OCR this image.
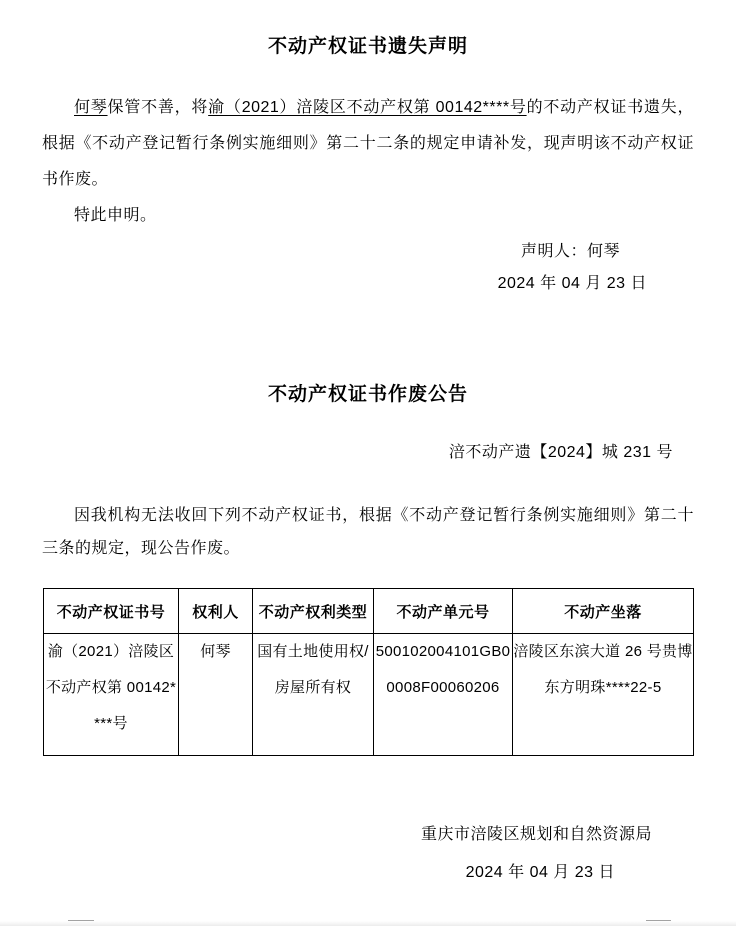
不动产权证书遗失声明

何琴保管不善，将渝（2021）涪陵区不动产权第 00142****号的不动产权证书遗失，根据《不动产登记暂行条例实施细则》第二十二条的规定申请补发，现声明该不动产权证书作废。

特此申明。

声明人：何琴
2024 年 04 月 23 日
不动产权证书作废公告
涪不动产遗【2024】城 231 号

因我机构无法收回下列不动产权证书，根据《不动产登记暂行条例实施细则》第二十三条的规定，现公告作废。

不动产权证书号	权利人	不动产权利类型	不动产单元号	不动产坐落
渝（2021）涪陵区不动产权第 00142****号	何琴	国有土地使用权/房屋所有权	500102004101GB00008F00060206	涪陵区东滨大道 26 号贵博东方明珠****22-5
重庆市涪陵区规划和自然资源局
2024 年 04 月 23 日
